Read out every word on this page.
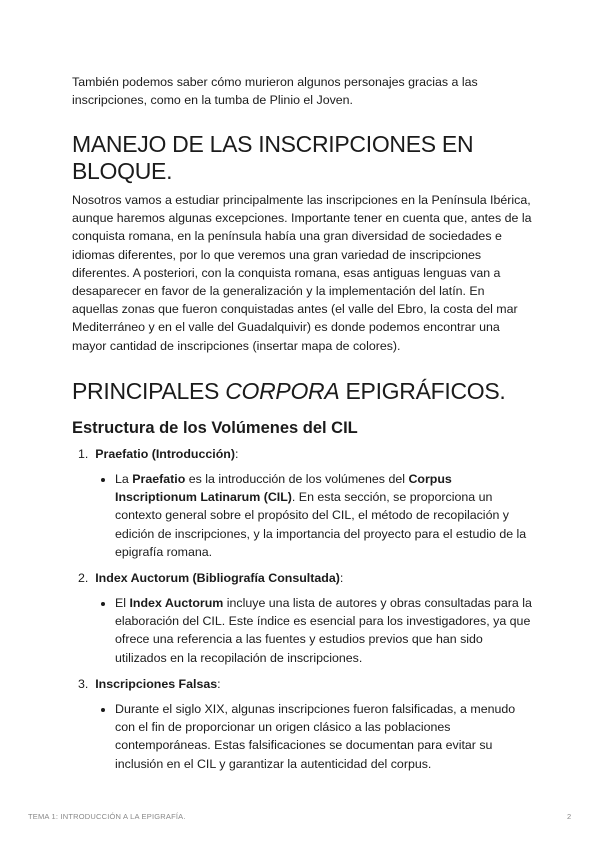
También podemos saber cómo murieron algunos personajes gracias a las inscripciones, como en la tumba de Plinio el Joven.

MANEJO DE LAS INSCRIPCIONES EN BLOQUE.

Nosotros vamos a estudiar principalmente las inscripciones en la Península Ibérica, aunque haremos algunas excepciones. Importante tener en cuenta que, antes de la conquista romana, en la península había una gran diversidad de sociedades e idiomas diferentes, por lo que veremos una gran variedad de inscripciones diferentes. A posteriori, con la conquista romana, esas antiguas lenguas van a desaparecer en favor de la generalización y la implementación del latín. En aquellas zonas que fueron conquistadas antes (el valle del Ebro, la costa del mar Mediterráneo y en el valle del Guadalquivir) es donde podemos encontrar una mayor cantidad de inscripciones (insertar mapa de colores).

PRINCIPALES CORPORA EPIGRÁFICOS.
Estructura de los Volúmenes del CIL
1. Praefatio (Introducción):

La Praefatio es la introducción de los volúmenes del Corpus Inscriptionum Latinarum (CIL). En esta sección, se proporciona un contexto general sobre el propósito del CIL, el método de recopilación y edición de inscripciones, y la importancia del proyecto para el estudio de la epigrafía romana.

2. Index Auctorum (Bibliografía Consultada):

El Index Auctorum incluye una lista de autores y obras consultadas para la elaboración del CIL. Este índice es esencial para los investigadores, ya que ofrece una referencia a las fuentes y estudios previos que han sido utilizados en la recopilación de inscripciones.

3. Inscripciones Falsas:

Durante el siglo XIX, algunas inscripciones fueron falsificadas, a menudo con el fin de proporcionar un origen clásico a las poblaciones contemporáneas. Estas falsificaciones se documentan para evitar su inclusión en el CIL y garantizar la autenticidad del corpus.

TEMA 1: INTRODUCCIÓN A LA EPIGRAFÍA.	2
